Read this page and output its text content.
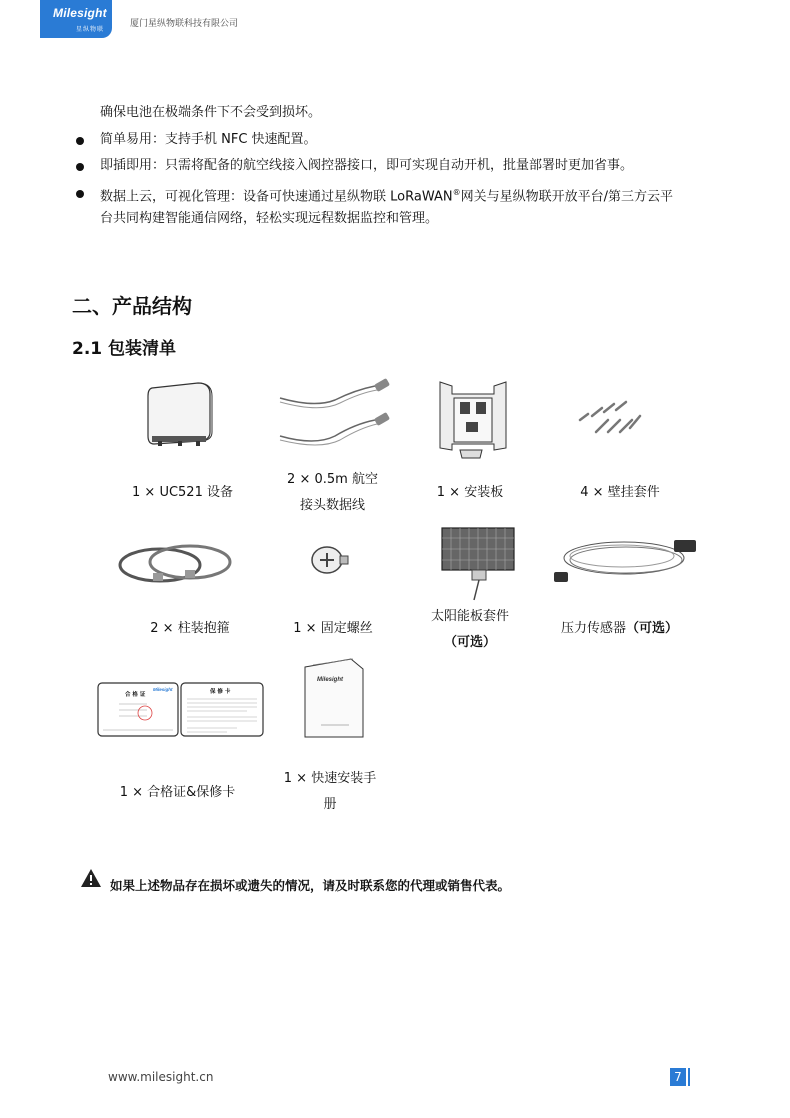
Milesight
星纵物联
厦门星纵物联科技有限公司
确保电池在极端条件下不会受到损坏。
简单易用：支持手机 NFC 快速配置。
即插即用：只需将配备的航空线接入阀控器接口，即可实现自动开机，批量部署时更加省事。
数据上云，可视化管理：设备可快速通过星纵物联 LoRaWAN®网关与星纵物联开放平台/第三方云平
台共同构建智能通信网络，轻松实现远程数据监控和管理。
二、产品结构
2.1 包装清单
1 × UC521 设备
2 × 0.5m 航空
接头数据线
1 × 安装板	4 × 壁挂套件
2 × 柱装抱箍	1 × 固定螺丝
太阳能板套件
（可选）
压力传感器（可选）
合 格 证
Milesight	保 修 卡
Milesight
1 × 合格证&保修卡
1 × 快速安装手
册
如果上述物品存在损坏或遗失的情况，请及时联系您的代理或销售代表。
www.milesight.cn	7
